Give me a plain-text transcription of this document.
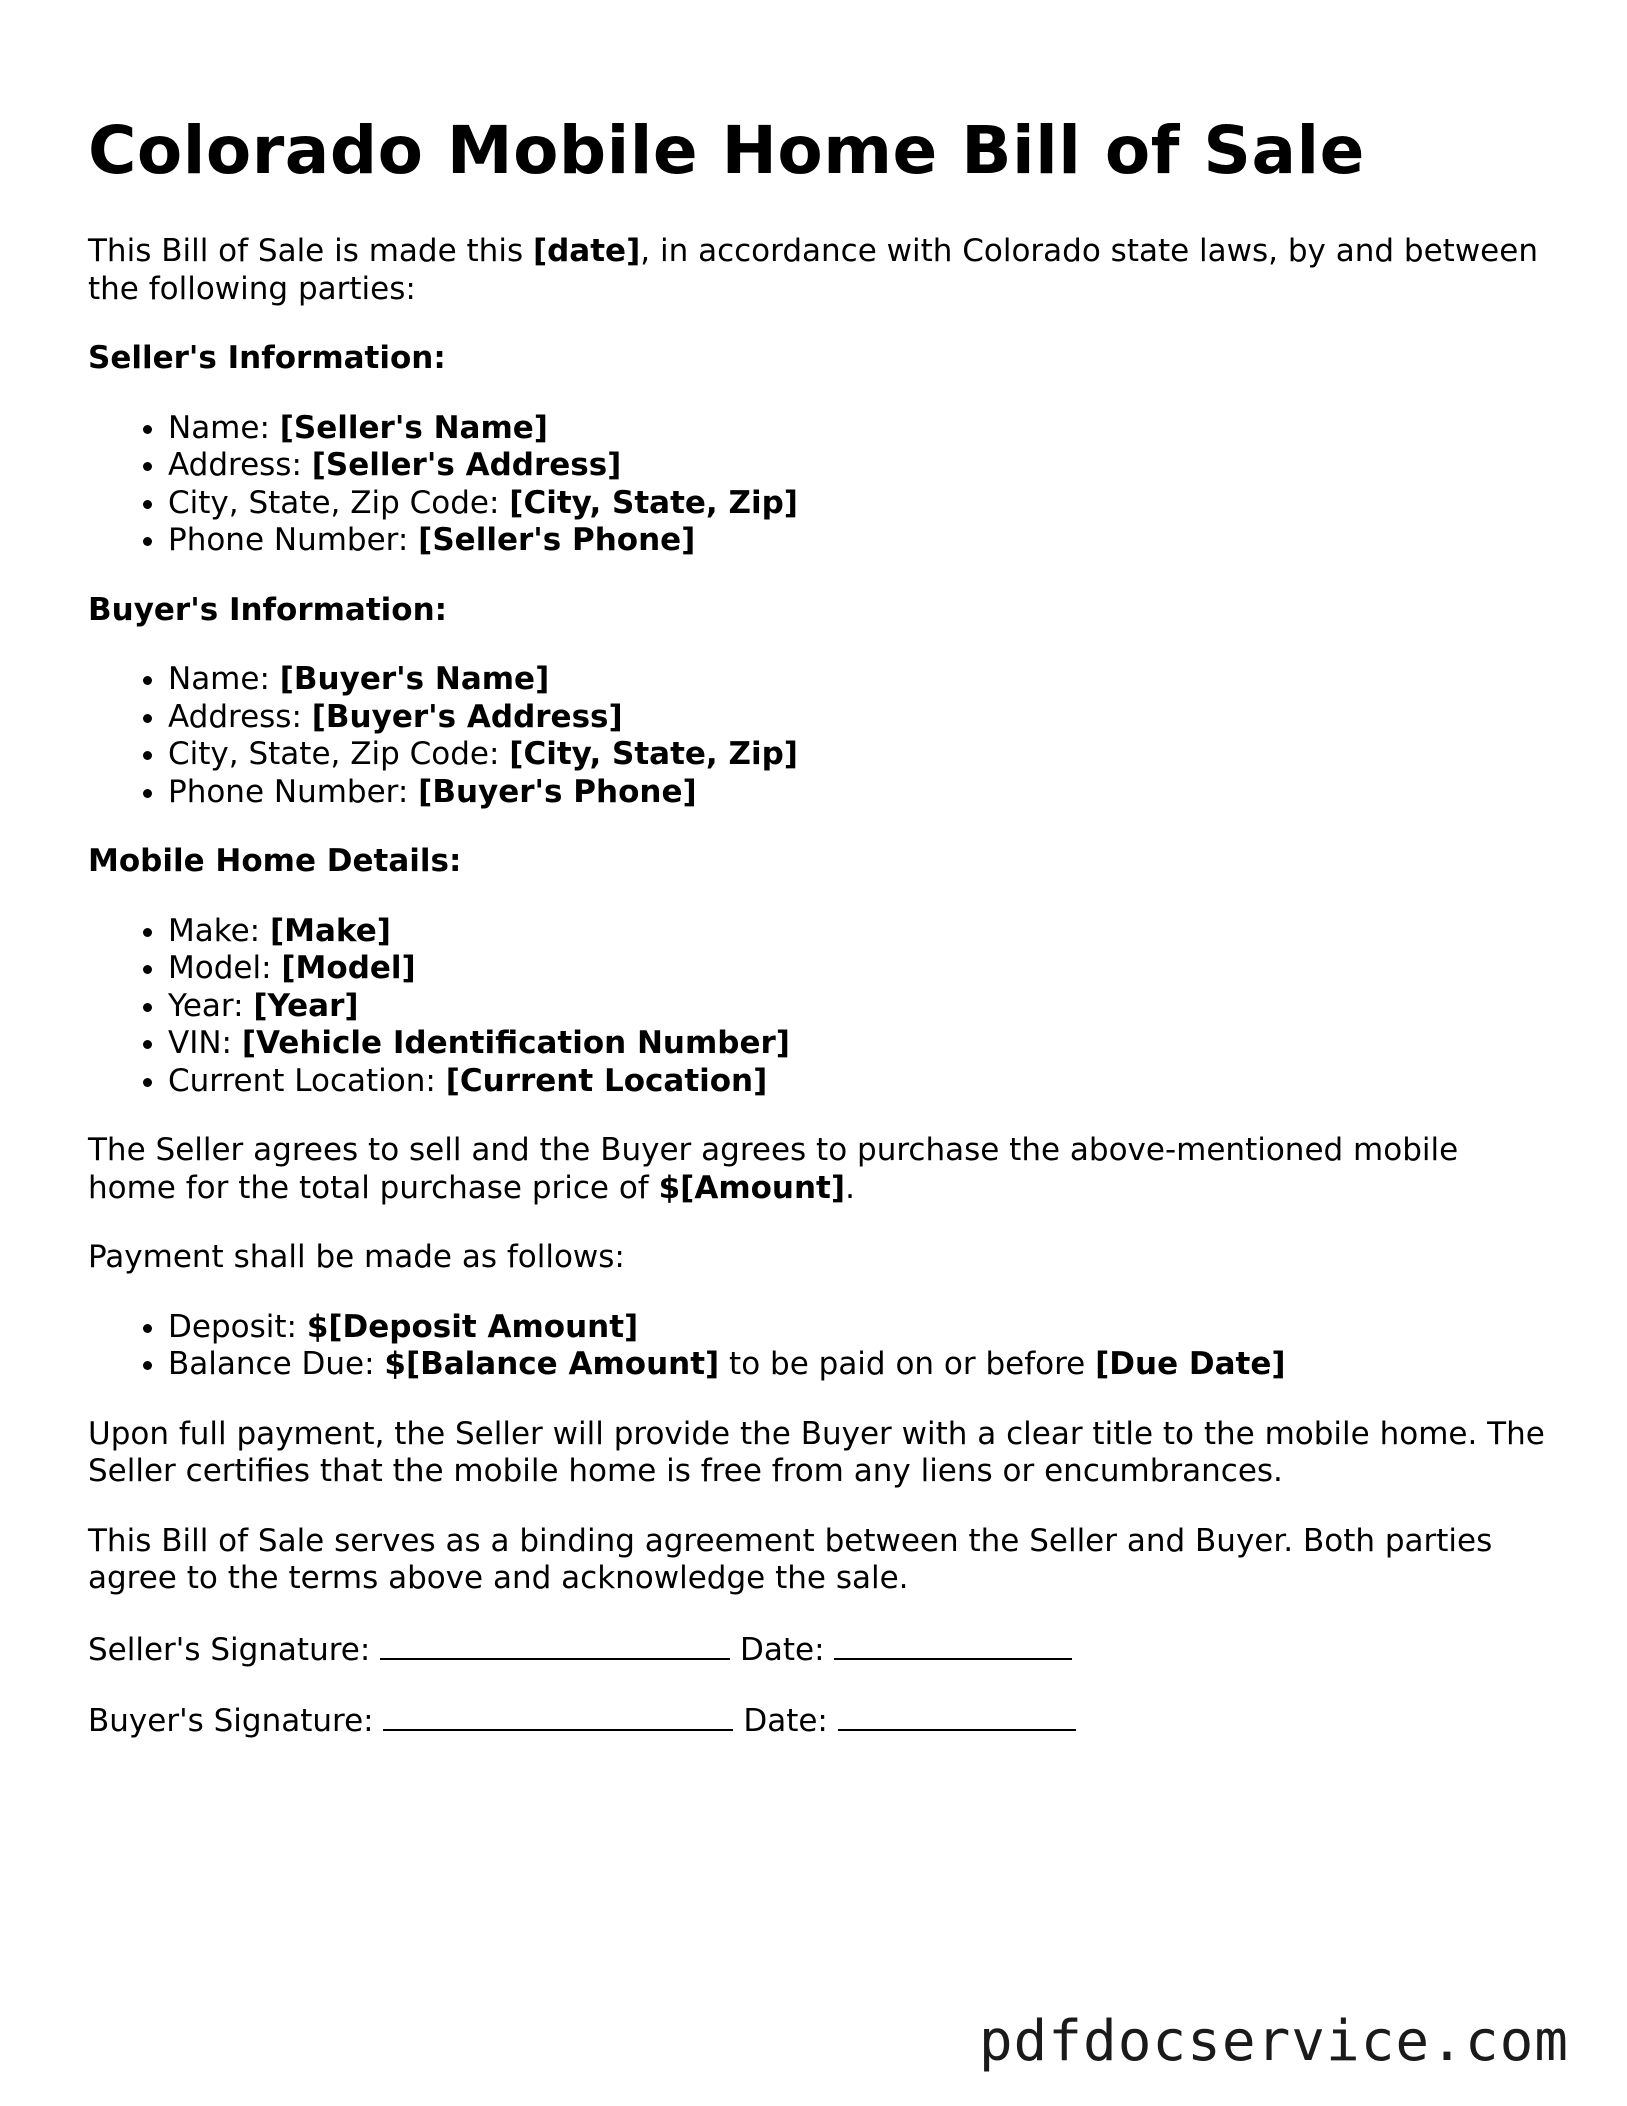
Colorado Mobile Home Bill of Sale

This Bill of Sale is made this [date], in accordance with Colorado state laws, by and between the following parties:

Seller's Information:
• Name: [Seller's Name]
• Address: [Seller's Address]
• City, State, Zip Code: [City, State, Zip]
• Phone Number: [Seller's Phone]
Buyer's Information:
• Name: [Buyer's Name]
• Address: [Buyer's Address]
• City, State, Zip Code: [City, State, Zip]
• Phone Number: [Buyer's Phone]
Mobile Home Details:
• Make: [Make]
• Model: [Model]
• Year: [Year]
• VIN: [Vehicle Identification Number]
• Current Location: [Current Location]

The Seller agrees to sell and the Buyer agrees to purchase the above-mentioned mobile home for the total purchase price of $[Amount].

Payment shall be made as follows:

• Deposit: $[Deposit Amount]
• Balance Due: $[Balance Amount] to be paid on or before [Due Date]

Upon full payment, the Seller will provide the Buyer with a clear title to the mobile home. The Seller certifies that the mobile home is free from any liens or encumbrances.

This Bill of Sale serves as a binding agreement between the Seller and Buyer. Both parties agree to the terms above and acknowledge the sale.

Seller's Signature:	Date:

Buyer's Signature:	Date:

pdfdocservice.com
